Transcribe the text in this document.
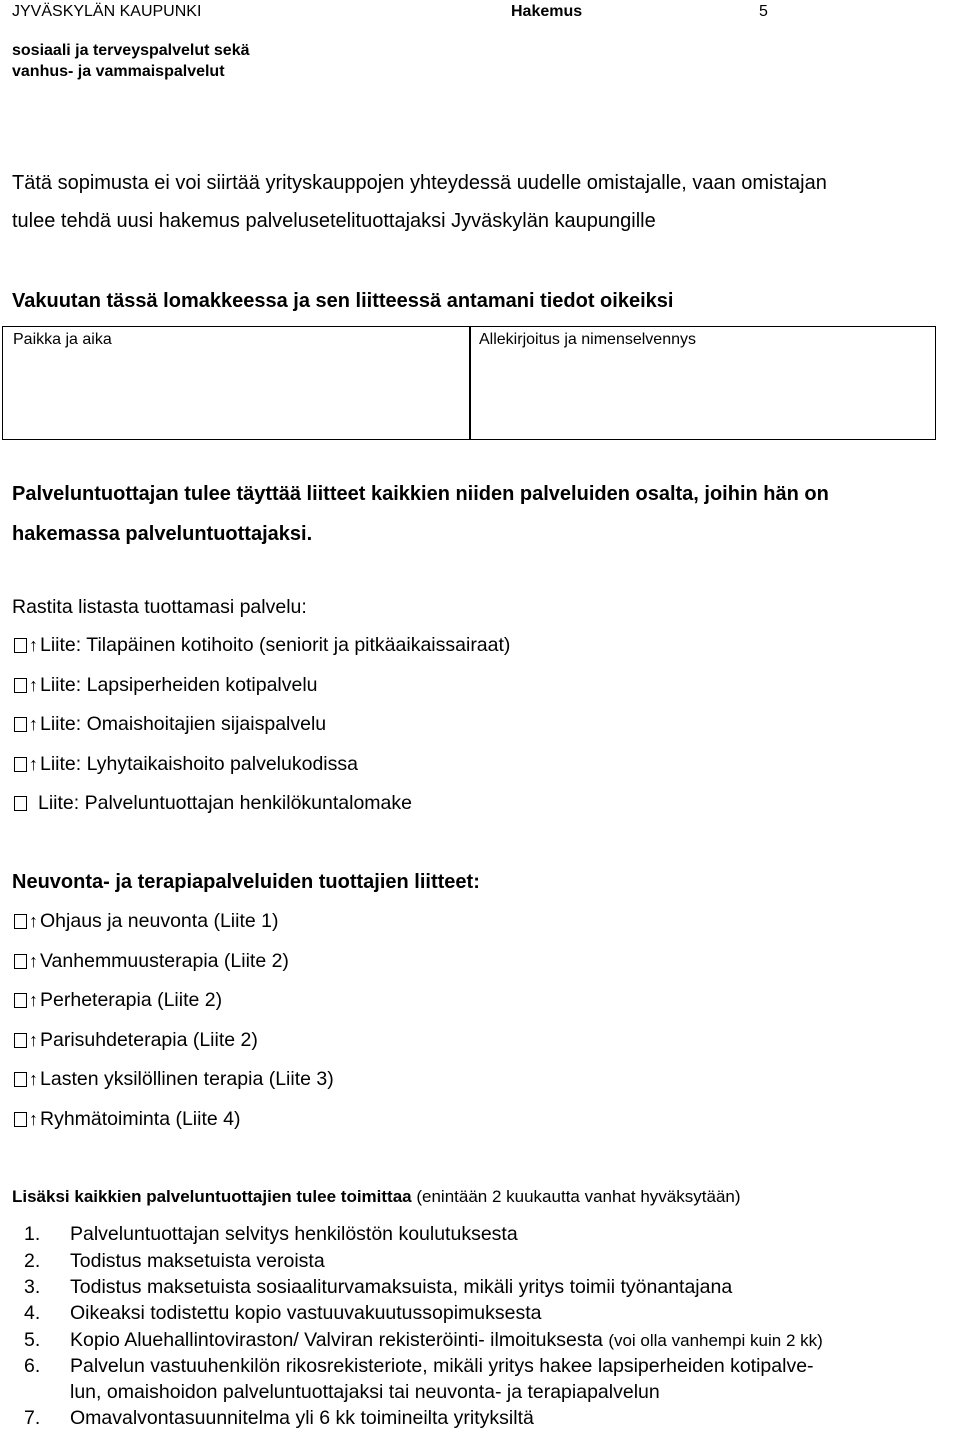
JYVÄSKYLÄN KAUPUNKI	Hakemus	5
sosiaali ja terveyspalvelut sekä
vanhus- ja vammaispalvelut
Tätä sopimusta ei voi siirtää yrityskauppojen yhteydessä uudelle omistajalle, vaan omistajan
tulee tehdä uusi hakemus palvelusetelituottajaksi Jyväskylän kaupungille
Vakuutan tässä lomakkeessa ja sen liitteessä antamani tiedot oikeiksi
Paikka ja aika	Allekirjoitus ja nimenselvennys
Palveluntuottajan tulee täyttää liitteet kaikkien niiden palveluiden osalta, joihin hän on
hakemassa palveluntuottajaksi.
Rastita listasta tuottamasi palvelu:
↑ Liite: Tilapäinen kotihoito (seniorit ja pitkäaikaissairaat)
↑ Liite: Lapsiperheiden kotipalvelu
↑ Liite: Omaishoitajien sijaispalvelu
↑ Liite: Lyhytaikaishoito palvelukodissa
Liite: Palveluntuottajan henkilökuntalomake
Neuvonta- ja terapiapalveluiden tuottajien liitteet:
↑ Ohjaus ja neuvonta (Liite 1)
↑ Vanhemmuusterapia (Liite 2)
↑ Perheterapia (Liite 2)
↑ Parisuhdeterapia (Liite 2)
↑ Lasten yksilöllinen terapia (Liite 3)
↑ Ryhmätoiminta (Liite 4)
Lisäksi kaikkien palveluntuottajien tulee toimittaa (enintään 2 kuukautta vanhat hyväksytään)
1. Palveluntuottajan selvitys henkilöstön koulutuksesta
2. Todistus maksetuista veroista
3. Todistus maksetuista sosiaaliturvamaksuista, mikäli yritys toimii työnantajana
4. Oikeaksi todistettu kopio vastuuvakuutussopimuksesta
5. Kopio Aluehallintoviraston/ Valviran rekisteröinti- ilmoituksesta (voi olla vanhempi kuin 2 kk)
6. Palvelun vastuuhenkilön rikosrekisteriote, mikäli yritys hakee lapsiperheiden kotipalve-
lun, omaishoidon palveluntuottajaksi tai neuvonta- ja terapiapalvelun
7. Omavalvontasuunnitelma yli 6 kk toimineilta yrityksiltä
